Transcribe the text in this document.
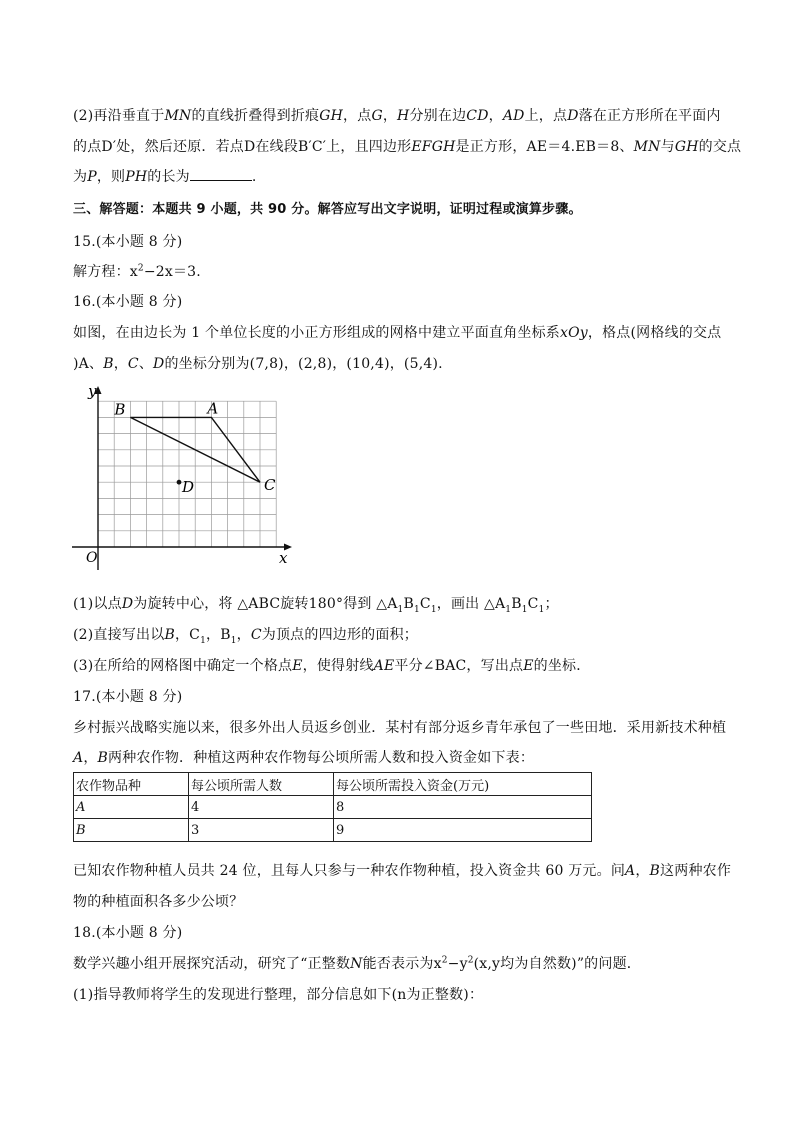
(2)再沿垂直于MN的直线折叠得到折痕GH，点G，H分别在边CD，AD上，点D落在正方形所在平面内
的点D′处，然后还原．若点D在线段B′C′上，且四边形EFGH是正方形，AE＝4.EB＝8、MN与GH的交点
为P，则PH的长为	.
三、解答题：本题共 9 小题，共 90 分。解答应写出文字说明，证明过程或演算步骤。
15.(本小题 8 分)
解方程：$x^2-2x=3$.
16.(本小题 8 分)
如图，在由边长为 1 个单位长度的小正方形组成的网格中建立平面直角坐标系xOy，格点(网格线的交点
)A、B，C、D的坐标分别为(7,8)，(2,8)，(10,4)，(5,4).
y
x
O
A
B
C
D
(1)以点D为旋转中心，将 △ABC旋转180°得到 $\triangle A_1B_1C_1$，画出 $\triangle A_1B_1C_1$；
(2)直接写出以B，$C_1$，$B_1$，C为顶点的四边形的面积；
(3)在所给的网格图中确定一个格点E，使得射线AE平分∠BAC，写出点E的坐标．
17.(本小题 8 分)
乡村振兴战略实施以来，很多外出人员返乡创业．某村有部分返乡青年承包了一些田地．采用新技术种植
A，B两种农作物．种植这两种农作物每公顷所需人数和投入资金如下表：
农作物品种	每公顷所需人数	每公顷所需投入资金(万元)
A	4	8
B	3	9
已知农作物种植人员共 24 位，且每人只参与一种农作物种植，投入资金共 60 万元。问A，B这两种农作
物的种植面积各多少公顷？
18.(本小题 8 分)
数学兴趣小组开展探究活动，研究了“正整数N能否表示为$x^2-y^2(x,y$均为自然数)”的问题．
(1)指导教师将学生的发现进行整理，部分信息如下(n为正整数)：
